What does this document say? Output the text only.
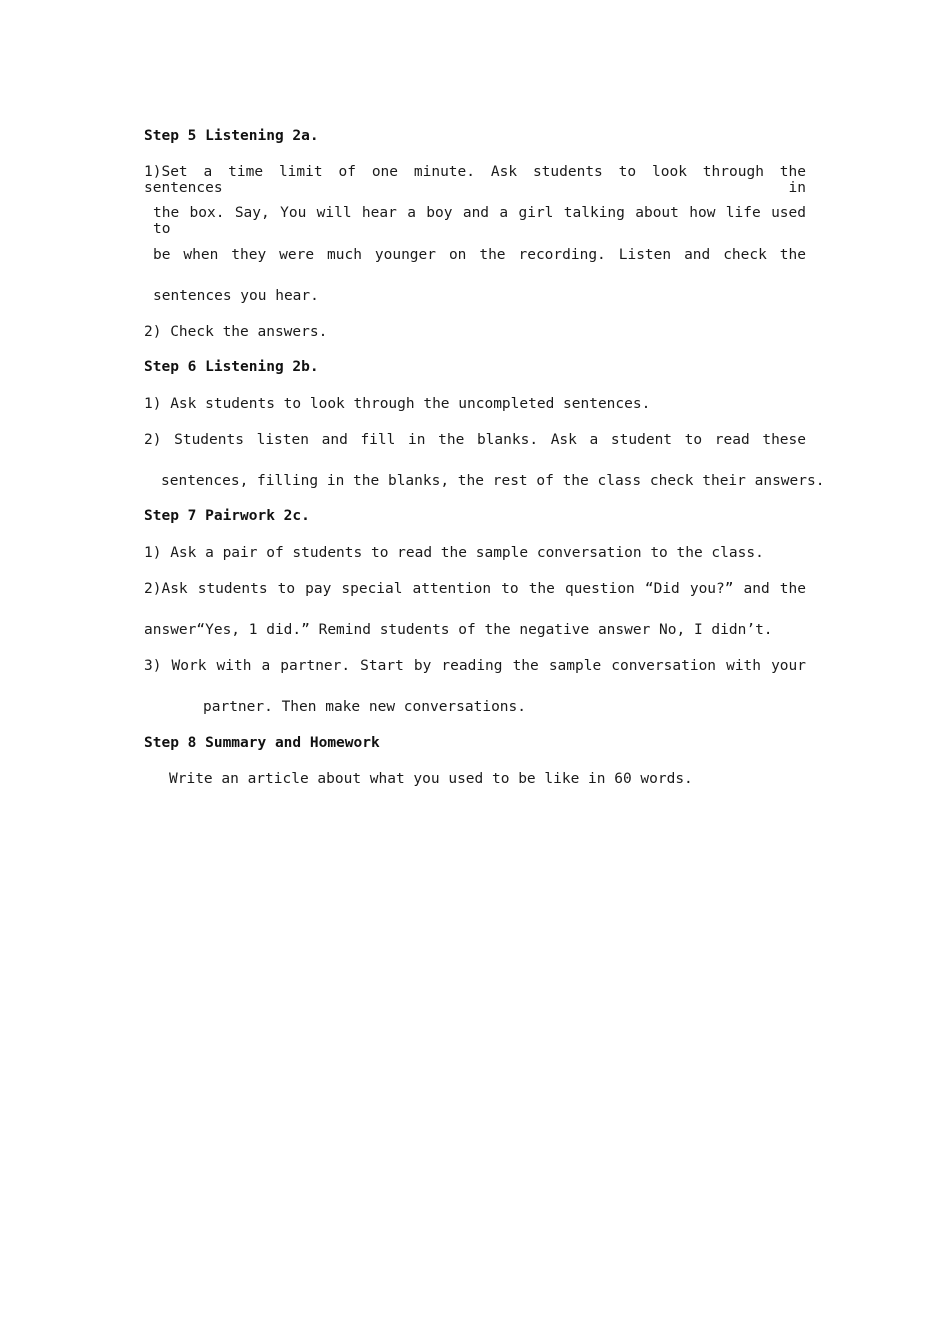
Step 5 Listening 2a.
1)Set a time limit of one minute. Ask students to look through the sentences in
the box. Say, You will hear a boy and a girl talking about how life used to
be when they were much younger on the recording. Listen and check the
sentences you hear.
2) Check the answers.
Step 6 Listening 2b.
1) Ask students to look through the uncompleted sentences.
2) Students listen and fill in the blanks. Ask a student to read these
sentences, filling in the blanks, the rest of the class check their answers.
Step 7 Pairwork 2c.
1) Ask a pair of students to read the sample conversation to the class.
2)Ask students to pay special attention to the question “Did you?” and the
answer“Yes, 1 did.” Remind students of the negative answer No, I didn’t.
3) Work with a partner. Start by reading the sample conversation with your
partner. Then make new conversations.
Step 8 Summary and Homework
Write an article about what you used to be like in 60 words.
